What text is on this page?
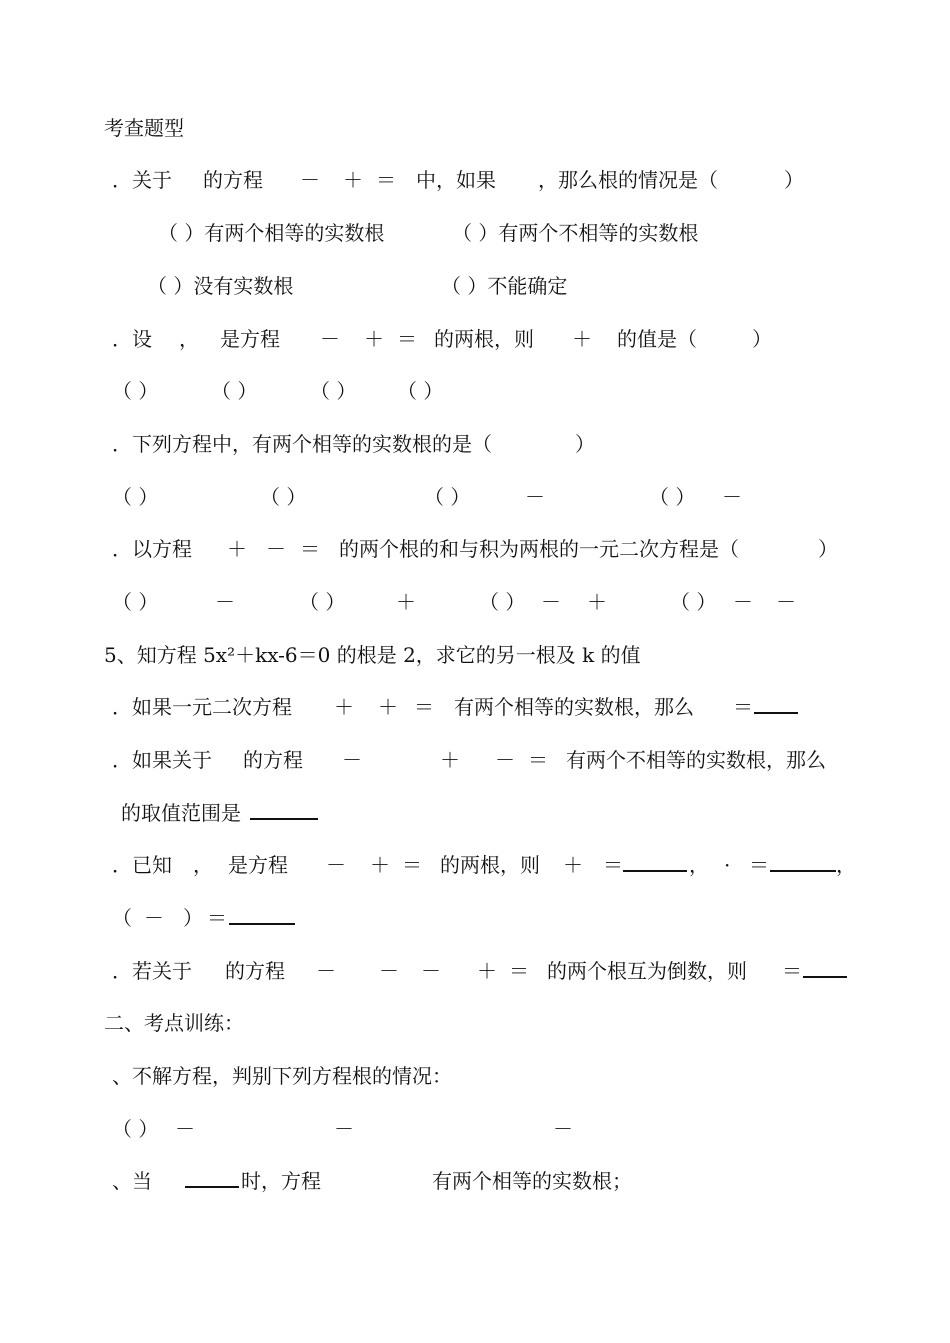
考查题型
．关于 的方程 － ＋ ＝ 中，如果 ，那么根的情况是（	）
（ ）有两个相等的实数根	（ ）有两个不相等的实数根
（ ）没有实数根	（ ）不能确定
．设 ， 是方程 － ＋ ＝ 的两根，则 ＋ 的值是（	）
（ ）	（ ）	（ ） （ ）
．下列方程中，有两个相等的实数根的是（	）
（ ）	（ ）	（ ）	－	（ ） －
．以方程 ＋ － ＝ 的两个根的和与积为两根的一元二次方程是（	）
（ ）	－	（ ）	＋	（ ） － ＋	（ ） － －
5、知方程 5x²＋kx-6＝0 的根是 2，求它的另一根及 k 的值
．如果一元二次方程 ＋ ＋ ＝ 有两个相等的实数根，那么 ＝
．如果关于 的方程 －	＋ － ＝ 有两个不相等的实数根，那么
的取值范围是
．已知 ， 是方程 － ＋ ＝ 的两根，则 ＋ ＝	， · ＝	，
（ － ） ＝
．若关于 的方程 － － － ＋ ＝ 的两个根互为倒数，则 ＝
二、考点训练：
、不解方程，判别下列方程根的情况：
（ ） －	－	－
、当	时，方程	有两个相等的实数根；
